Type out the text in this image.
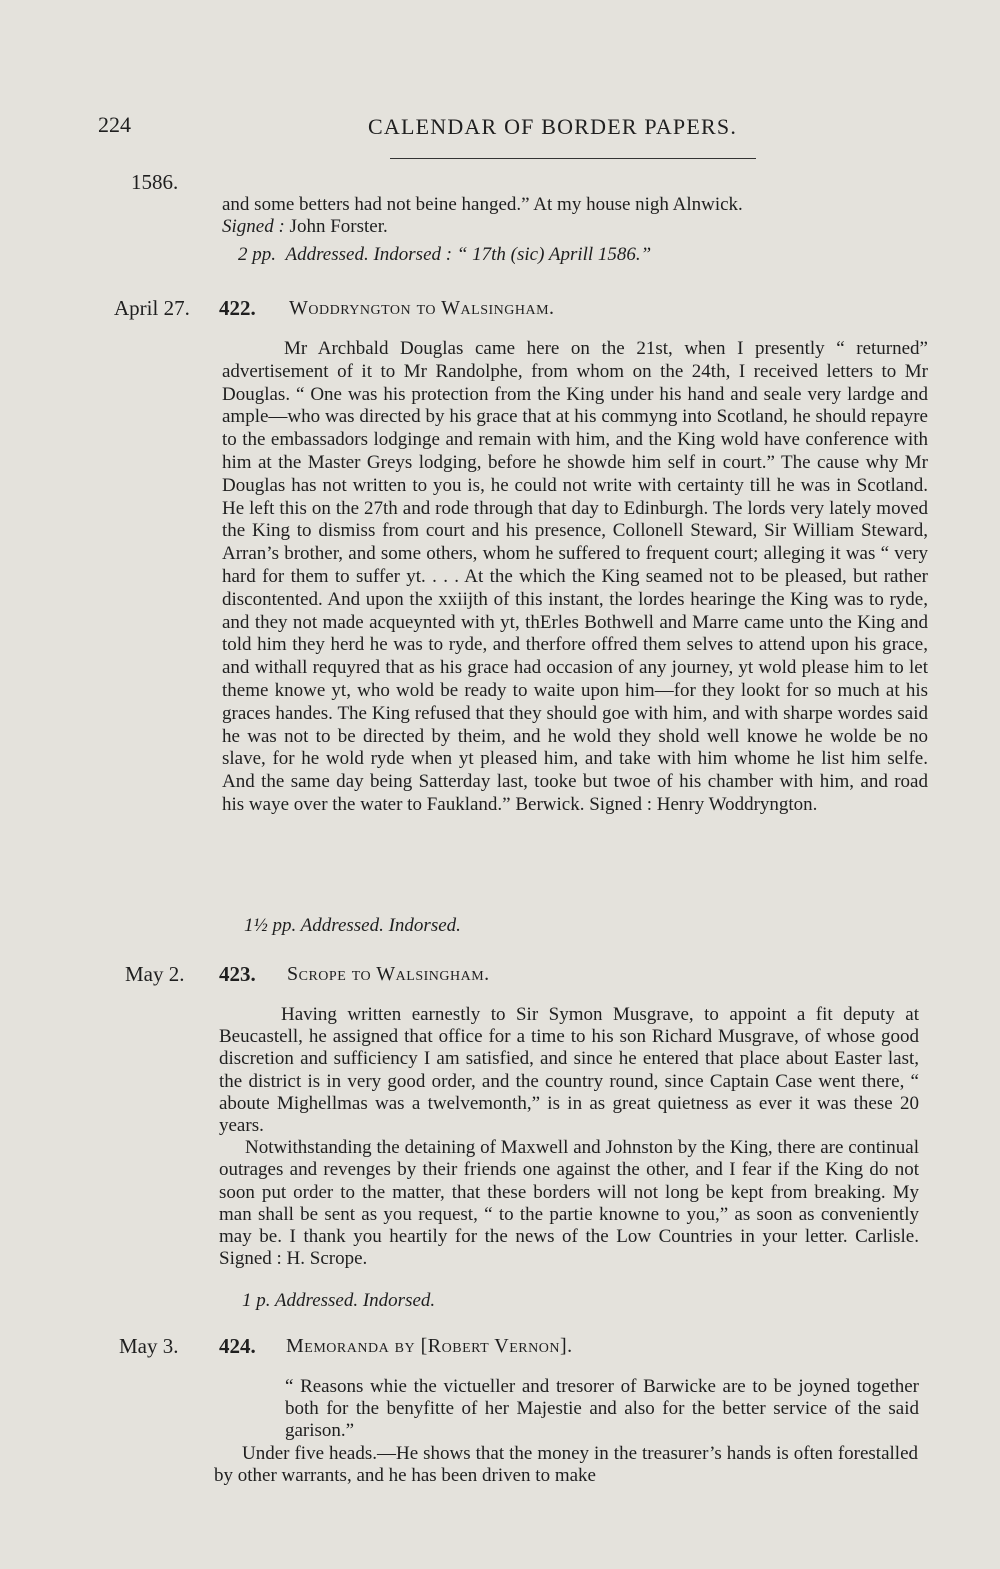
224	CALENDAR OF BORDER PAPERS.
1586.

and some betters had not beine hanged.” At my house nigh Alnwick.

Signed : John Forster.

2 pp. Addressed. Indorsed : “ 17th (sic) Aprill 1586.”
April 27. 422. Woddryngton to Walsingham.

Mr Archbald Douglas came here on the 21st, when I presently “ returned” advertisement of it to Mr Randolphe, from whom on the 24th, I received letters to Mr Douglas. “ One was his protection from the King under his hand and seale very lardge and ample—who was directed by his grace that at his commyng into Scotland, he should repayre to the embassadors lodginge and remain with him, and the King wold have conference with him at the Master Greys lodging, before he showde him self in court.” The cause why Mr Douglas has not written to you is, he could not write with certainty till he was in Scotland. He left this on the 27th and rode through that day to Edinburgh. The lords very lately moved the King to dismiss from court and his presence, Collonell Steward, Sir William Steward, Arran’s brother, and some others, whom he suffered to frequent court; alleging it was “ very hard for them to suffer yt. . . . At the which the King seamed not to be pleased, but rather discontented. And upon the xxiijth of this instant, the lordes hearinge the King was to ryde, and they not made acqueynted with yt, thErles Bothwell and Marre came unto the King and told him they herd he was to ryde, and therfore offred them selves to attend upon his grace, and withall requyred that as his grace had occasion of any journey, yt wold please him to let theme knowe yt, who wold be ready to waite upon him—for they lookt for so much at his graces handes. The King refused that they should goe with him, and with sharpe wordes said he was not to be directed by theim, and he wold they shold well knowe he wolde be no slave, for he wold ryde when yt pleased him, and take with him whome he list him selfe. And the same day being Satterday last, tooke but twoe of his chamber with him, and road his waye over the water to Faukland.” Berwick. Signed : Henry Woddryngton.

1½ pp. Addressed. Indorsed.
May 2. 423. Scrope to Walsingham.

Having written earnestly to Sir Symon Musgrave, to appoint a fit deputy at Beucastell, he assigned that office for a time to his son Richard Musgrave, of whose good discretion and sufficiency I am satisfied, and since he entered that place about Easter last, the district is in very good order, and the country round, since Captain Case went there, “ aboute Mighellmas was a twelvemonth,” is in as great quietness as ever it was these 20 years.

Notwithstanding the detaining of Maxwell and Johnston by the King, there are continual outrages and revenges by their friends one against the other, and I fear if the King do not soon put order to the matter, that these borders will not long be kept from breaking. My man shall be sent as you request, “ to the partie knowne to you,” as soon as conveniently may be. I thank you heartily for the news of the Low Countries in your letter. Carlisle. Signed : H. Scrope.

1 p. Addressed. Indorsed.
May 3. 424. Memoranda by [Robert Vernon].

“ Reasons whie the victueller and tresorer of Barwicke are to be joyned together both for the benyfitte of her Majestie and also for the better service of the said garison.”

Under five heads.—He shows that the money in the treasurer’s hands is often forestalled by other warrants, and he has been driven to make
